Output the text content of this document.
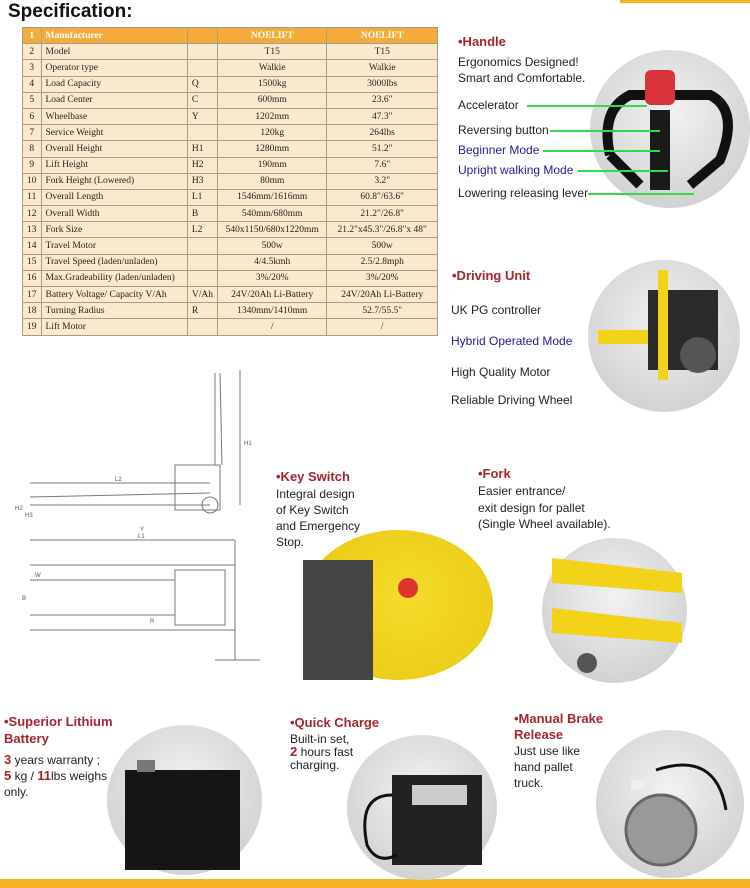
Specification:
1	Manufacturer		NOELIFT	NOELIFT
2	Model		T15	T15
3	Operator type		Walkie	Walkie
4	Load Capacity	Q	1500kg	3000lbs
5	Load Center	C	600mm	23.6"
6	Wheelbase	Y	1202mm	47.3"
7	Service Weight		120kg	264lbs
8	Overall Height	H1	1280mm	51.2"
9	Lift Height	H2	190mm	7.6"
10	Fork Height (Lowered)	H3	80mm	3.2"
11	Overall Length	L1	1546mm/1616mm	60.8"/63.6"
12	Overall Width	B	540mm/680mm	21.2"/26.8"
13	Fork Size	L2	540x1150/680x1220mm	21.2"x45.3"/26.8"x 48"
14	Travel Motor		500w	500w
15	Travel Speed (laden/unladen)		4/4.5kmh	2.5/2.8mph
16	Max.Gradeability (laden/unladen)		3%/20%	3%/20%
17	Battery Voltage/ Capacity V/Ah	V/Ah	24V/20Ah Li-Battery	24V/20Ah Li-Battery
18	Turning Radius	R	1340mm/1410mm	52.7/55.5"
19	Lift Motor		/	/
•Handle
Ergonomics Designed!
Smart and Comfortable.
Accelerator
Reversing button
Beginner Mode
Upright walking Mode
Lowering releasing lever
•Driving Unit
UK PG controller
Hybrid Operated Mode
High Quality Motor
Reliable Driving Wheel
H1
L2
H2
H3
Y
L1
W
B
R
•Key Switch
Integral design
of Key Switch
and Emergency
Stop.
•Fork
Easier entrance/
exit design for pallet
(Single Wheel available).
•Superior Lithium
Battery
3 years warranty ;
5 kg / 11lbs weighs
only.
•Quick Charge
Built-in set,
2 hours fast
charging.
•Manual Brake
Release
Just use like
hand pallet
truck.
